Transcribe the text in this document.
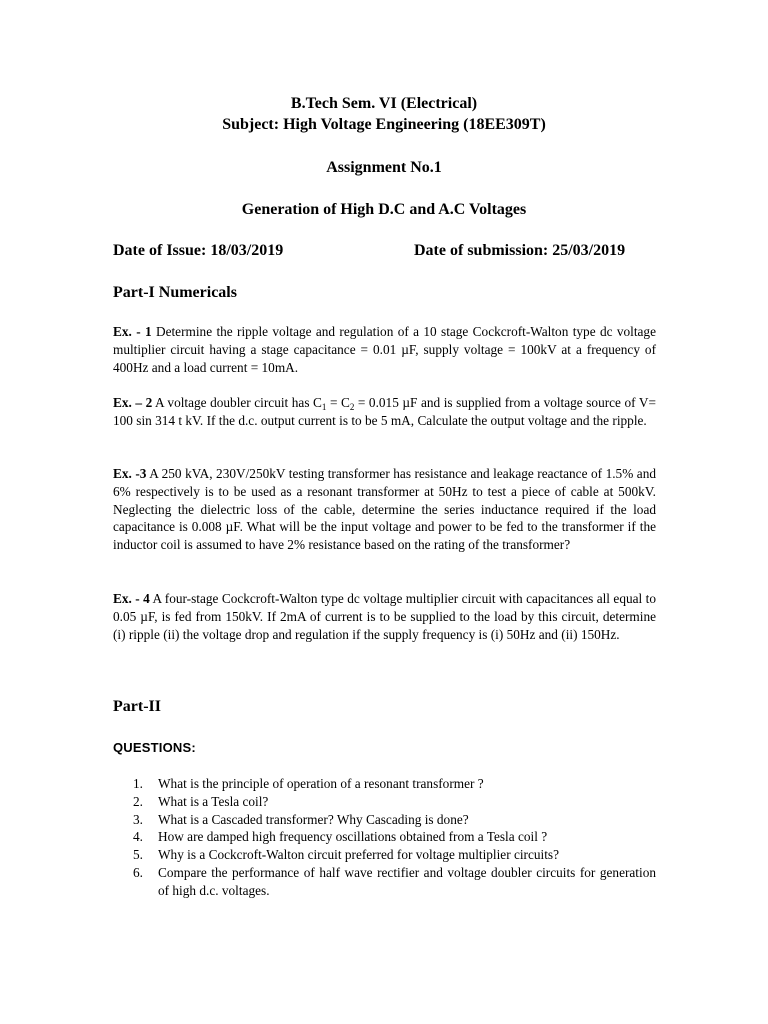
B.Tech Sem. VI (Electrical)
Subject: High Voltage Engineering (18EE309T)
Assignment No.1
Generation of High D.C and A.C Voltages
Date of Issue: 18/03/2019	Date of submission: 25/03/2019
Part-I Numericals
Ex. - 1 Determine the ripple voltage and regulation of a 10 stage Cockcroft-Walton type dc voltage multiplier circuit having a stage capacitance = 0.01 µF, supply voltage = 100kV at a frequency of 400Hz and a load current = 10mA.
Ex. – 2 A voltage doubler circuit has $C_1 = C_2 = 0.015$ µF and is supplied from a voltage source of V= 100 sin 314 t kV. If the d.c. output current is to be 5 mA, Calculate the output voltage and the ripple.
Ex. -3 A 250 kVA, 230V/250kV testing transformer has resistance and leakage reactance of 1.5% and 6% respectively is to be used as a resonant transformer at 50Hz to test a piece of cable at 500kV. Neglecting the dielectric loss of the cable, determine the series inductance required if the load capacitance is 0.008 µF. What will be the input voltage and power to be fed to the transformer if the inductor coil is assumed to have 2% resistance based on the rating of the transformer?
Ex. - 4 A four-stage Cockcroft-Walton type dc voltage multiplier circuit with capacitances all equal to 0.05 µF, is fed from 150kV. If 2mA of current is to be supplied to the load by this circuit, determine (i) ripple (ii) the voltage drop and regulation if the supply frequency is (i) 50Hz and (ii) 150Hz.
Part-II
QUESTIONS:
1.	What is the principle of operation of a resonant transformer ?
2.	What is a Tesla coil?
3.	What is a Cascaded transformer? Why Cascading is done?
4.	How are damped high frequency oscillations obtained from a Tesla coil ?
5.	Why is a Cockcroft-Walton circuit preferred for voltage multiplier circuits?
6.	Compare the performance of half wave rectifier and voltage doubler circuits for generation of high d.c. voltages.
